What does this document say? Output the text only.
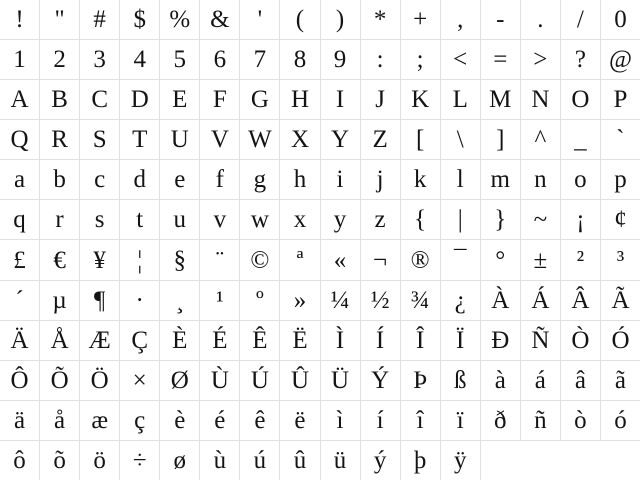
!	"	#	$ % &	'	(	)	*	+	,	-	.	/	0
1	2	3	4	5	6	7	8	9	:	;	<	=	>	? @
A B C D E	F G H	I	J	K L M N O P
Q R S	T U V W X Y Z	[	\	]	^	_	`
a	b	c	d	e	f	g	h	i	j	k	l	m n	o	p
q	r	s	t	u	v w x	y	z	{	|	}	~	¡	¢
£	€	¥	¦	§	¨	©	ª	«	¬ ® ¯	°	±	²	³
´	µ	¶	·	¸	¹	º	» ¼ ½ ¾	¿	À Á Â Ã
Ä Å Æ Ç È É Ê Ë	Ì	Í	Î	Ï	Ð Ñ Ò Ó
Ô Õ Ö × Ø Ù Ú Û Ü Ý Þ	ß	à	á	â	ã
ä	å	æ	ç	è	é	ê	ë	ì	í	î	ï	ð	ñ	ò	ó
ô	õ	ö	÷	ø	ù	ú	û	ü	ý	þ	ÿ
